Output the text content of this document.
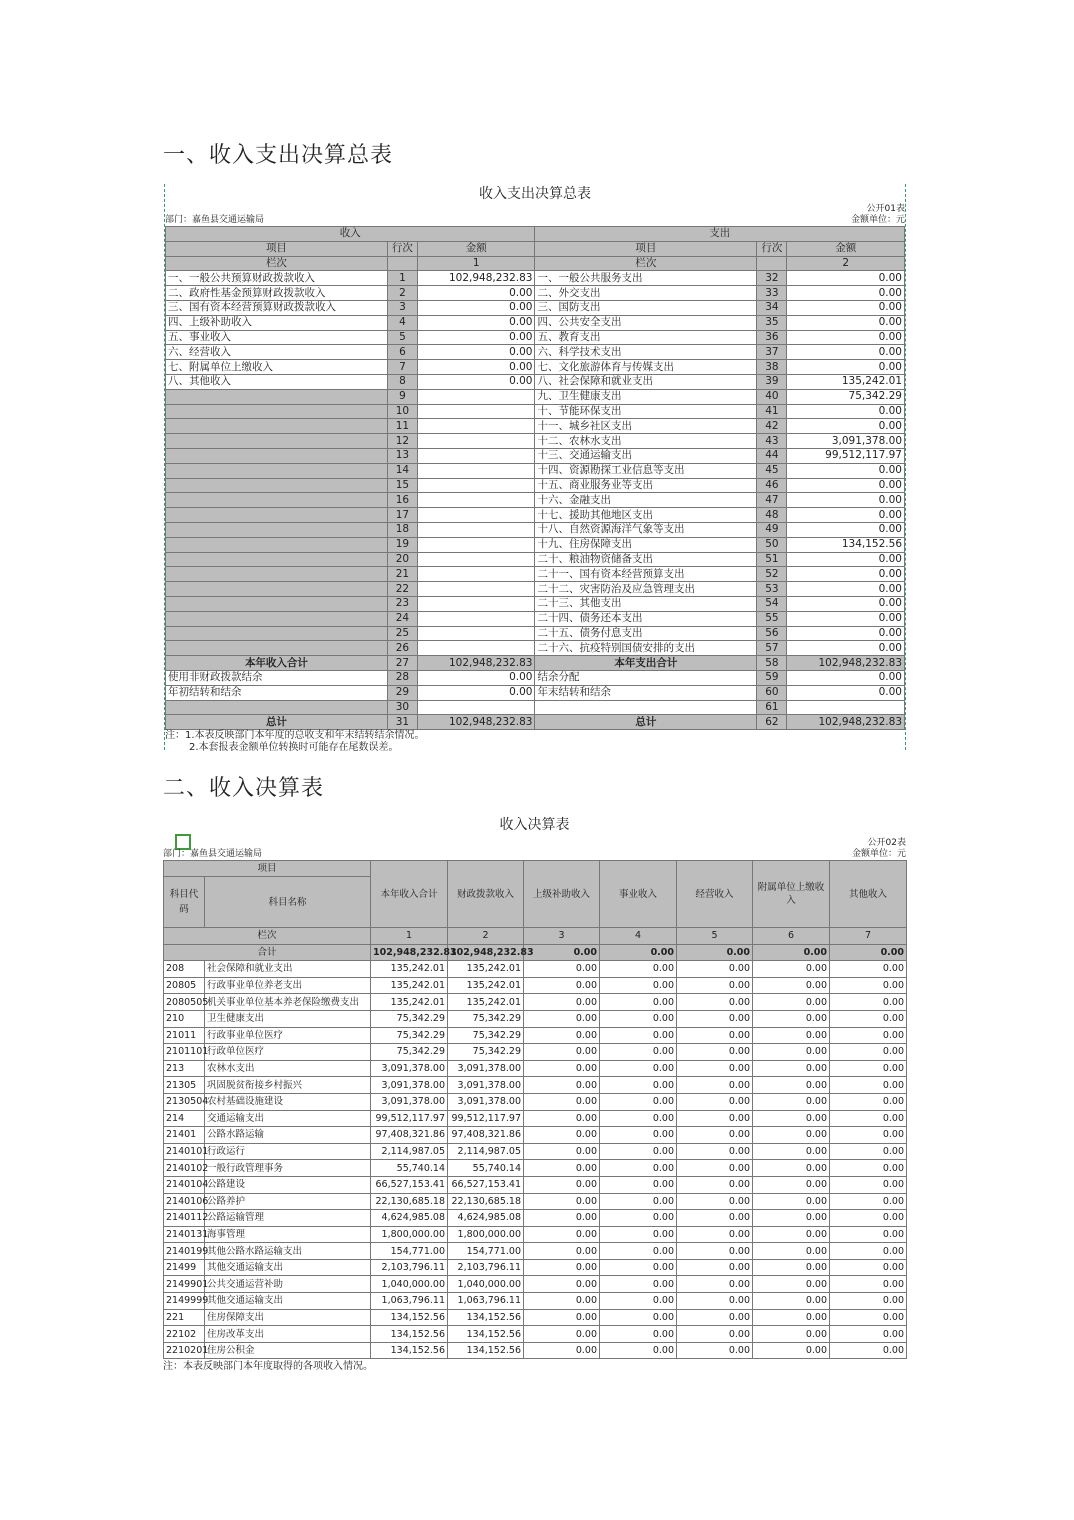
一、收入支出决算总表
收入支出决算总表
公开01表
部门：嘉鱼县交通运输局	金额单位：元
收入			支出		
项目	行次	金额	项目	行次	金额
栏次		1	栏次		2
一、一般公共预算财政拨款收入	1	102,948,232.83	一、一般公共服务支出	32	0.00
二、政府性基金预算财政拨款收入	2	0.00	二、外交支出	33	0.00
三、国有资本经营预算财政拨款收入	3	0.00	三、国防支出	34	0.00
四、上级补助收入	4	0.00	四、公共安全支出	35	0.00
五、事业收入	5	0.00	五、教育支出	36	0.00
六、经营收入	6	0.00	六、科学技术支出	37	0.00
七、附属单位上缴收入	7	0.00	七、文化旅游体育与传媒支出	38	0.00
八、其他收入	8	0.00	八、社会保障和就业支出	39	135,242.01
	9		九、卫生健康支出	40	75,342.29
	10		十、节能环保支出	41	0.00
	11		十一、城乡社区支出	42	0.00
	12		十二、农林水支出	43	3,091,378.00
	13		十三、交通运输支出	44	99,512,117.97
	14		十四、资源勘探工业信息等支出	45	0.00
	15		十五、商业服务业等支出	46	0.00
	16		十六、金融支出	47	0.00
	17		十七、援助其他地区支出	48	0.00
	18		十八、自然资源海洋气象等支出	49	0.00
	19		十九、住房保障支出	50	134,152.56
	20		二十、粮油物资储备支出	51	0.00
	21		二十一、国有资本经营预算支出	52	0.00
	22		二十二、灾害防治及应急管理支出	53	0.00
	23		二十三、其他支出	54	0.00
	24		二十四、债务还本支出	55	0.00
	25		二十五、债务付息支出	56	0.00
	26		二十六、抗疫特别国债安排的支出	57	0.00
本年收入合计	27	102,948,232.83	本年支出合计	58	102,948,232.83
使用非财政拨款结余	28	0.00	结余分配	59	0.00
年初结转和结余	29	0.00	年末结转和结余	60	0.00
	30			61	
总计	31	102,948,232.83	总计	62	102,948,232.83
注：1.本表反映部门本年度的总收支和年末结转结余情况。
2.本套报表金额单位转换时可能存在尾数误差。
二、收入决算表
收入决算表
公开02表
部门：嘉鱼县交通运输局	金额单位：元
项目		本年收入合计	财政拨款收入	上级补助收入	事业收入	经营收入	附属单位上缴收入	其他收入
科目代码	科目名称							
栏次		1	2	3	4	5	6	7
合计		102,948,232.83	102,948,232.83	0.00	0.00	0.00	0.00	0.00
208	社会保障和就业支出	135,242.01	135,242.01	0.00	0.00	0.00	0.00	0.00
20805	行政事业单位养老支出	135,242.01	135,242.01	0.00	0.00	0.00	0.00	0.00
2080505	机关事业单位基本养老保险缴费支出	135,242.01	135,242.01	0.00	0.00	0.00	0.00	0.00
210	卫生健康支出	75,342.29	75,342.29	0.00	0.00	0.00	0.00	0.00
21011	行政事业单位医疗	75,342.29	75,342.29	0.00	0.00	0.00	0.00	0.00
2101101	行政单位医疗	75,342.29	75,342.29	0.00	0.00	0.00	0.00	0.00
213	农林水支出	3,091,378.00	3,091,378.00	0.00	0.00	0.00	0.00	0.00
21305	巩固脱贫衔接乡村振兴	3,091,378.00	3,091,378.00	0.00	0.00	0.00	0.00	0.00
2130504	农村基础设施建设	3,091,378.00	3,091,378.00	0.00	0.00	0.00	0.00	0.00
214	交通运输支出	99,512,117.97	99,512,117.97	0.00	0.00	0.00	0.00	0.00
21401	公路水路运输	97,408,321.86	97,408,321.86	0.00	0.00	0.00	0.00	0.00
2140101	行政运行	2,114,987.05	2,114,987.05	0.00	0.00	0.00	0.00	0.00
2140102	一般行政管理事务	55,740.14	55,740.14	0.00	0.00	0.00	0.00	0.00
2140104	公路建设	66,527,153.41	66,527,153.41	0.00	0.00	0.00	0.00	0.00
2140106	公路养护	22,130,685.18	22,130,685.18	0.00	0.00	0.00	0.00	0.00
2140112	公路运输管理	4,624,985.08	4,624,985.08	0.00	0.00	0.00	0.00	0.00
2140131	海事管理	1,800,000.00	1,800,000.00	0.00	0.00	0.00	0.00	0.00
2140199	其他公路水路运输支出	154,771.00	154,771.00	0.00	0.00	0.00	0.00	0.00
21499	其他交通运输支出	2,103,796.11	2,103,796.11	0.00	0.00	0.00	0.00	0.00
2149901	公共交通运营补助	1,040,000.00	1,040,000.00	0.00	0.00	0.00	0.00	0.00
2149999	其他交通运输支出	1,063,796.11	1,063,796.11	0.00	0.00	0.00	0.00	0.00
221	住房保障支出	134,152.56	134,152.56	0.00	0.00	0.00	0.00	0.00
22102	住房改革支出	134,152.56	134,152.56	0.00	0.00	0.00	0.00	0.00
2210201	住房公积金	134,152.56	134,152.56	0.00	0.00	0.00	0.00	0.00
注：本表反映部门本年度取得的各项收入情况。
